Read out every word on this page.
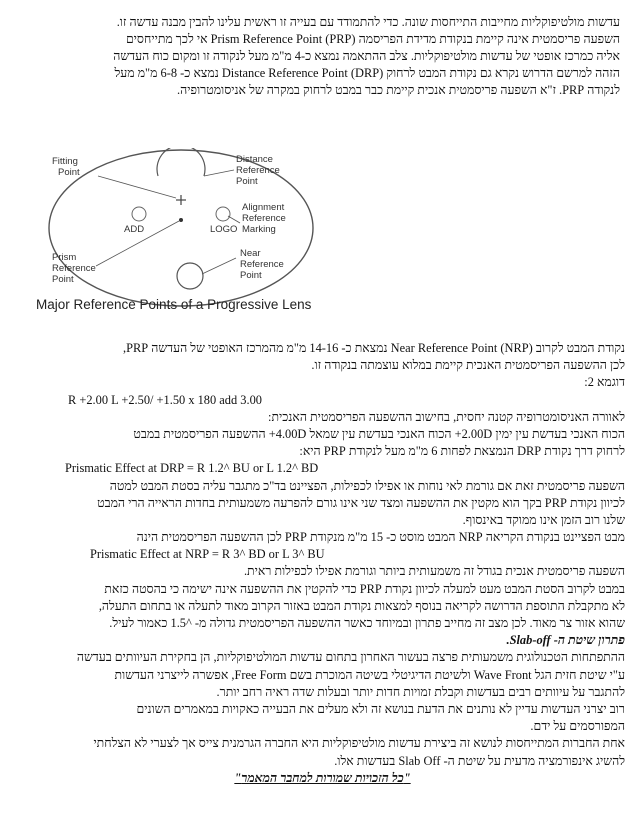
עדשות מולטיפוקליות מחייבות התייחסות שונה. כדי להתמודד עם בעייה זו ראשית עלינו להבין מבנה עדשה זו.
השפעה פריסמטית אינה קיימת בנקודת מדידת הפריסמה Prism Reference Point (PRP) אי לכך מתייחסים
אליה כמרכז אופטי של עדשות מולטיפוקליות. צלב ההתאמה נמצא כ-4 מ"מ מעל לנקודה זו ומקום כוח העדשה
הזהה למרשם הדרוש נקרא גם נקודת המבט לרחוק Distance Reference Point (DRP) נמצא כ- 6-8 מ"מ מעל
לנקודה PRP. ז"א השפעה פריסמטית אנכית קיימת כבר במבט לרחוק במקרה של אניסומטרופיה.
Fitting
Point
Distance
Reference
Point
Alignment
Reference
Marking
Prism
Reference
Point
Near
Reference
Point
ADD	LOGO
Major Reference Points of a Progressive Lens
נקודת המבט לקרוב Near Reference Point (NRP) נמצאת כ- 14-16 מ"מ מהמרכז האופטי של העדשה PRP,
לכן ההשפעה הפריסמטית האנכית קיימת במלוא עוצמתה בנקודה זו.
דוגמא 2:
R +2.00 L +2.50/ +1.50 x 180 add 3.00
לאוורה האניסומטרופיה קטנה יחסית, בחישוב ההשפעה הפריסמטית האנכית:
הכוח האנכי בעדשת עין ימין 2.00D+ הכוח האנכי בעדשת עין שמאל 4.00D+ ההשפעה הפריסמטית במבט
לרחוק דרך נקודת DRP הנמצאת לפחות 6 מ"מ מעל לנקודת PRP היא:
Prismatic Effect at DRP = R 1.2^ BU or L 1.2^ BD
השפעה פריסמטית זאת אם גורמת לאי נוחות או אפילו לכפילות, הפציינט בד"כ מתגבר עליה בסטת המבט למטה
לכיוון נקודת PRP בקך הוא מקטין את ההשפעה ומצד שני אינו גורם להפרעה משמעותית בחדות הראייה הרי המבט
שלנו רוב הזמן אינו ממוקד באינסוף.
מבט הפציינט בנקודת הקריאה NRP המבט מוסט כ- 15 מ"מ מנקודת PRP לכן ההשפעה הפריסמטית הינה
Prismatic Effect at NRP = R 3^ BD or L 3^ BU
השפעה פריסמטית אנכית בגודל זה משמעותית ביותר וגורמת אפילו לכפילות ראית.
במבט לקרוב הסטת המבט מעט למעלה לכיוון נקודת PRP כדי להקטין את ההשפעה אינה ישימה כי בהסטה כזאת
לא מתקבלת התוספת הדרושה לקריאה בנוסף למצאות נקודת המבט באזור הקרוב מאוד לתעלה או בתחום התעלה,
שהוא אזור צר מאוד. לכן מצב זה מחייב פתרון ובמיוחד כאשר ההשפעה הפריסמטית גדולה מ- ^1.5 כאמור לעיל.
פתרון שיטת ה- Slab-off.
ההתפתחות הטכנולוגית משמעותית פרצה בעשור האחרון בתחום עדשות המולטיפוקליות, הן בחקירת העיוותים בעדשה
ע"י שיטת חזית הגל Wave Front ולשיטת הדיגיטלי בשיטה המוכרת בשם Free Form, אפשרה לייצרני העדשות
להתגבר על עיוותים רבים בעדשות וקבלת זמויות חדות יותר ובעלות שדה ראיה רחב יותר.
רוב יצרני העדשות עדיין לא נותנים את הדעת בנושא זה ולא מעלים את הבעייה כאקויות במאמרים השונים
המפורסמים על ידם.
אחת החברות המתייחסות לנושא זה ביצירת עדשות מולטיפוקליות היא החברה הגרמנית צייס אך לצערי לא הצלחתי
להשיג אינפורמציה מדעית על שיטת ה- Slab Off בעדשות אלו.
"כל הזכויות שמורות למחבר המאמר"
